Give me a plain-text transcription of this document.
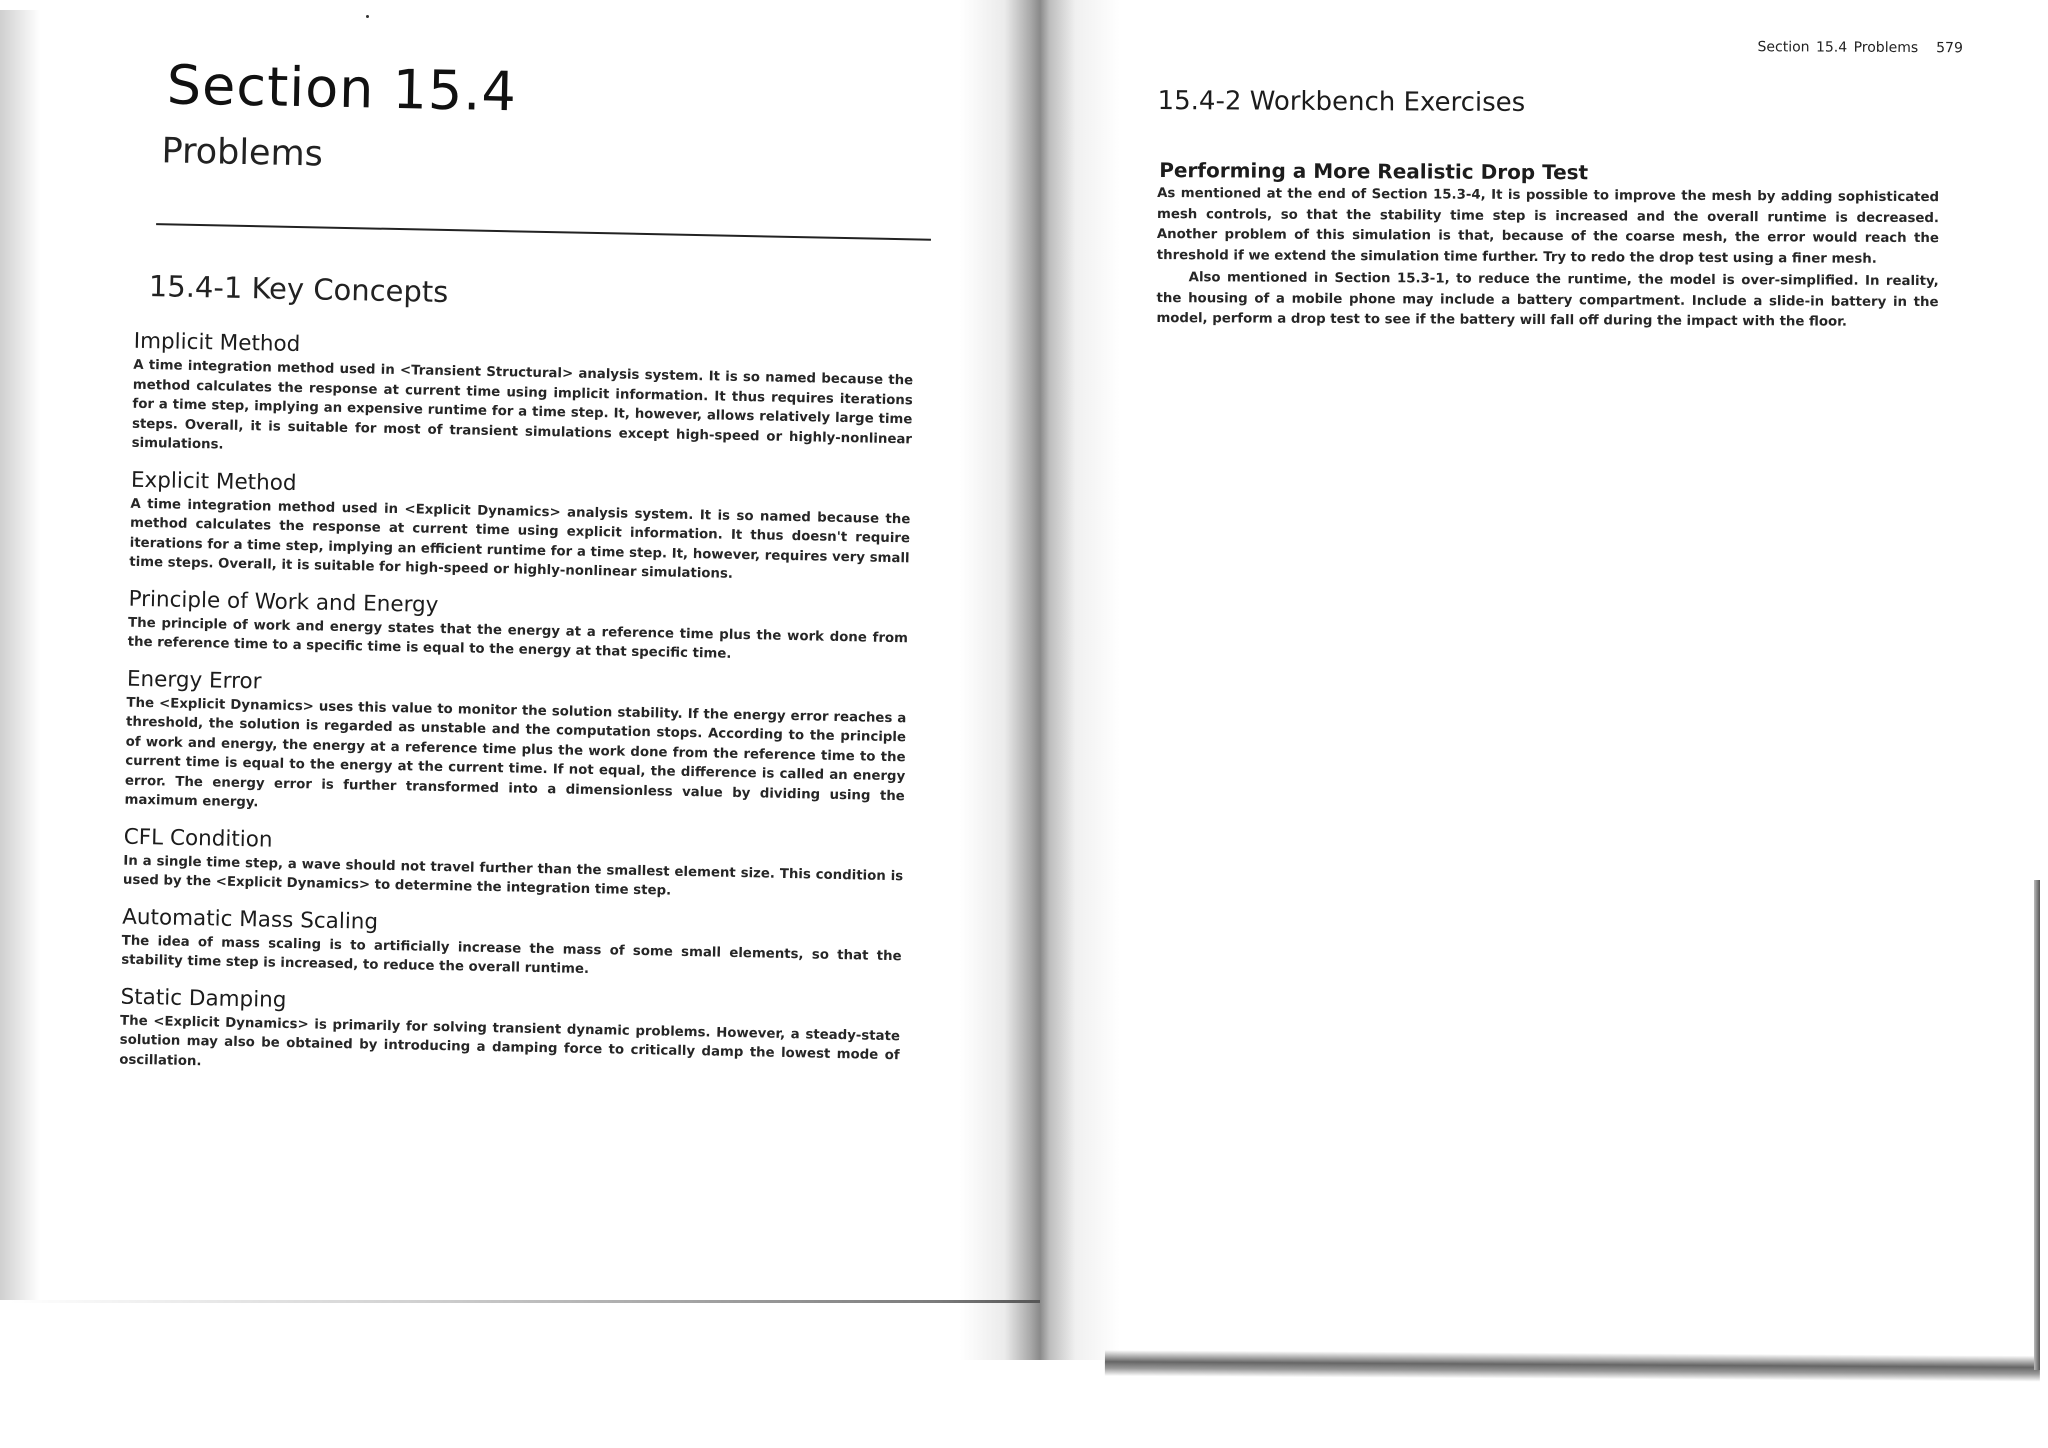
Section 15.4
Problems
15.4-1 Key Concepts
Implicit Method

A time integration method used in <Transient Structural> analysis system. It is so named because the method calculates the response at current time using implicit information. It thus requires iterations for a time step, implying an expensive runtime for a time step. It, however, allows relatively large time steps. Overall, it is suitable for most of transient simulations except high-speed or highly-nonlinear simulations.

Explicit Method

A time integration method used in <Explicit Dynamics> analysis system. It is so named because the method calculates the response at current time using explicit information. It thus doesn't require iterations for a time step, implying an efficient runtime for a time step. It, however, requires very small time steps. Overall, it is suitable for high-speed or highly-nonlinear simulations.

Principle of Work and Energy

The principle of work and energy states that the energy at a reference time plus the work done from the reference time to a specific time is equal to the energy at that specific time.

Energy Error

The <Explicit Dynamics> uses this value to monitor the solution stability. If the energy error reaches a threshold, the solution is regarded as unstable and the computation stops. According to the principle of work and energy, the energy at a reference time plus the work done from the reference time to the current time is equal to the energy at the current time. If not equal, the difference is called an energy error. The energy error is further transformed into a dimensionless value by dividing using the maximum energy.

CFL Condition

In a single time step, a wave should not travel further than the smallest element size. This condition is used by the <Explicit Dynamics> to determine the integration time step.

Automatic Mass Scaling

The idea of mass scaling is to artificially increase the mass of some small elements, so that the stability time step is increased, to reduce the overall runtime.

Static Damping

The <Explicit Dynamics> is primarily for solving transient dynamic problems. However, a steady-state solution may also be obtained by introducing a damping force to critically damp the lowest mode of oscillation.

Section 15.4 Problems 579
15.4-2 Workbench Exercises
Performing a More Realistic Drop Test

As mentioned at the end of Section 15.3-4, It is possible to improve the mesh by adding sophisticated mesh controls, so that the stability time step is increased and the overall runtime is decreased. Another problem of this simulation is that, because of the coarse mesh, the error would reach the threshold if we extend the simulation time further. Try to redo the drop test using a finer mesh.

Also mentioned in Section 15.3-1, to reduce the runtime, the model is over-simplified. In reality, the housing of a mobile phone may include a battery compartment. Include a slide-in battery in the model, perform a drop test to see if the battery will fall off during the impact with the floor.
